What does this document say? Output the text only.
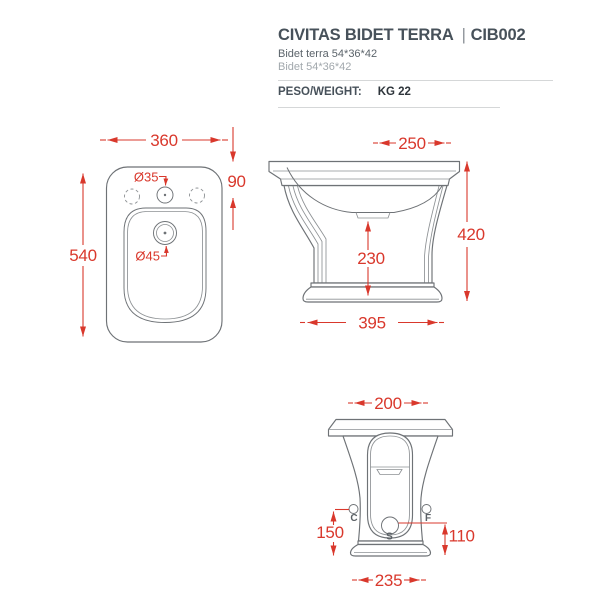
CIVITAS BIDET TERRA | CIB002
Bidet terra 54*36*42
Bidet 54*36*42
PESO/WEIGHT: KG 22
360
540
90
Ø35
Ø45
250
420
230
395
C	F
S
200
150	110
235
